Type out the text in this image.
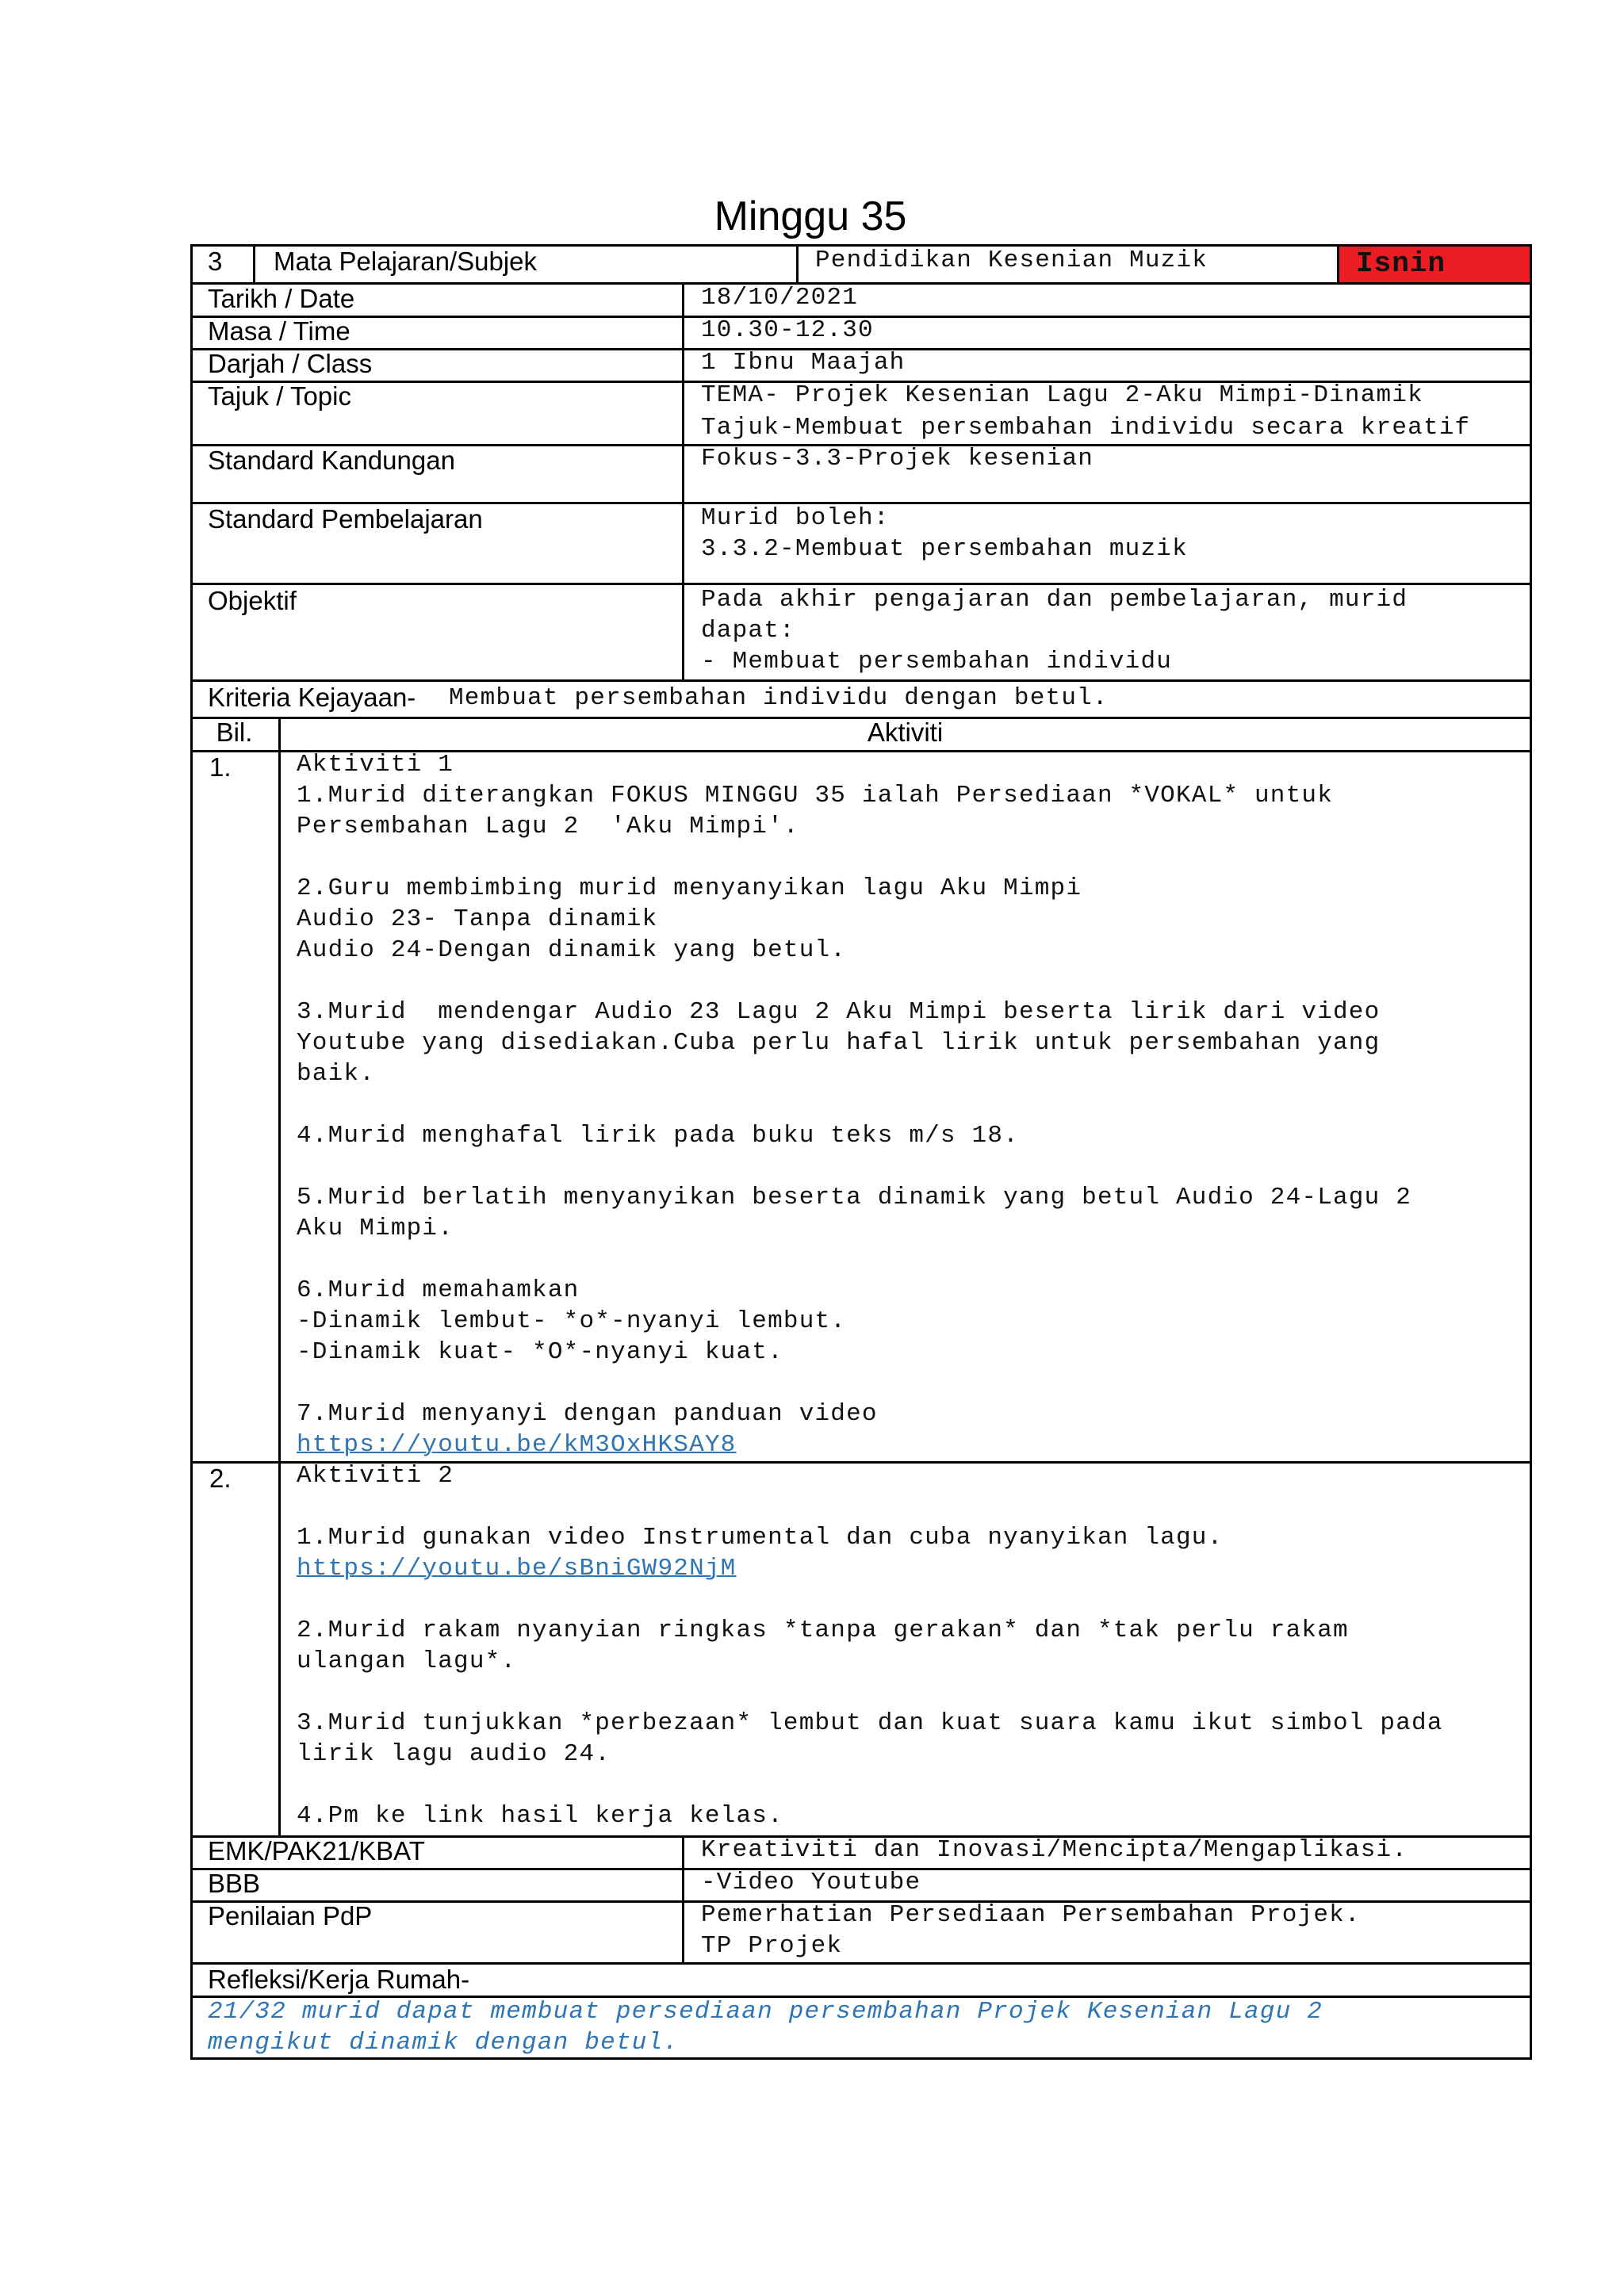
Minggu 35
3 Mata Pelajaran/Subjek	Pendidikan Kesenian Muzik	Isnin
Tarikh / Date	18/10/2021
Masa / Time	10.30-12.30
Darjah / Class	1 Ibnu Maajah
Tajuk / Topic	TEMA- Projek Kesenian Lagu 2-Aku Mimpi-Dinamik
Tajuk-Membuat persembahan individu secara kreatif
Standard Kandungan	Fokus-3.3-Projek kesenian
Standard Pembelajaran	Murid boleh:
3.3.2-Membuat persembahan muzik
Objektif	Pada akhir pengajaran dan pembelajaran, murid
dapat:
- Membuat persembahan individu
Kriteria Kejayaan- Membuat persembahan individu dengan betul.
Bil.	Aktiviti
1.	Aktiviti 1
1.Murid diterangkan FOKUS MINGGU 35 ialah Persediaan *VOKAL* untuk
Persembahan Lagu 2  'Aku Mimpi'.
2.Guru membimbing murid menyanyikan lagu Aku Mimpi
Audio 23- Tanpa dinamik
Audio 24-Dengan dinamik yang betul.
3.Murid  mendengar Audio 23 Lagu 2 Aku Mimpi beserta lirik dari video
Youtube yang disediakan.Cuba perlu hafal lirik untuk persembahan yang
baik.
4.Murid menghafal lirik pada buku teks m/s 18.
5.Murid berlatih menyanyikan beserta dinamik yang betul Audio 24-Lagu 2
Aku Mimpi.
6.Murid memahamkan
-Dinamik lembut- *o*-nyanyi lembut.
-Dinamik kuat- *O*-nyanyi kuat.
7.Murid menyanyi dengan panduan video
https://youtu.be/kM3OxHKSAY8
2.	Aktiviti 2
1.Murid gunakan video Instrumental dan cuba nyanyikan lagu.
https://youtu.be/sBniGW92NjM
2.Murid rakam nyanyian ringkas *tanpa gerakan* dan *tak perlu rakam
ulangan lagu*.
3.Murid tunjukkan *perbezaan* lembut dan kuat suara kamu ikut simbol pada
lirik lagu audio 24.
4.Pm ke link hasil kerja kelas.
EMK/PAK21/KBAT	Kreativiti dan Inovasi/Mencipta/Mengaplikasi.
BBB	-Video Youtube
Penilaian PdP	Pemerhatian Persediaan Persembahan Projek.
TP Projek
Refleksi/Kerja Rumah-
21/32 murid dapat membuat persediaan persembahan Projek Kesenian Lagu 2
mengikut dinamik dengan betul.
